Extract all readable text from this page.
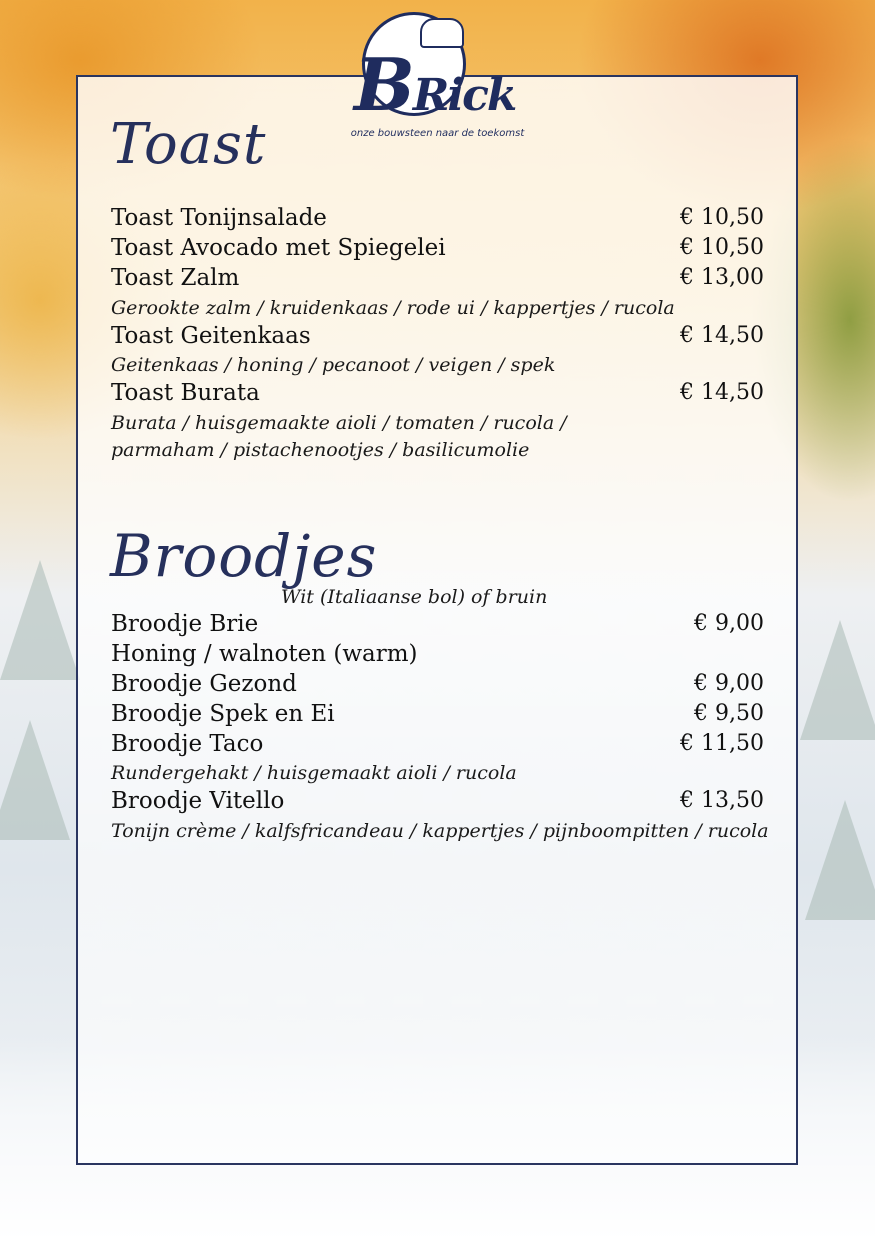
BRick
onze bouwsteen naar de toekomst
Toast
Toast Tonijnsalade	€ 10,50
Toast Avocado met Spiegelei	€ 10,50
Toast Zalm	€ 13,00
Gerookte zalm / kruidenkaas / rode ui / kappertjes / rucola
Toast Geitenkaas	€ 14,50
Geitenkaas / honing / pecanoot / veigen / spek
Toast Burata	€ 14,50
Burata / huisgemaakte aioli / tomaten / rucola /
parmaham / pistachenootjes / basilicumolie
Broodjes
Wit (Italiaanse bol) of bruin
Broodje Brie	€ 9,00
Honing / walnoten (warm)
Broodje Gezond	€ 9,00
Broodje Spek en Ei	€ 9,50
Broodje Taco	€ 11,50
Rundergehakt / huisgemaakt aioli / rucola
Broodje Vitello	€ 13,50
Tonijn crème / kalfsfricandeau / kappertjes / pijnboompitten / rucola
